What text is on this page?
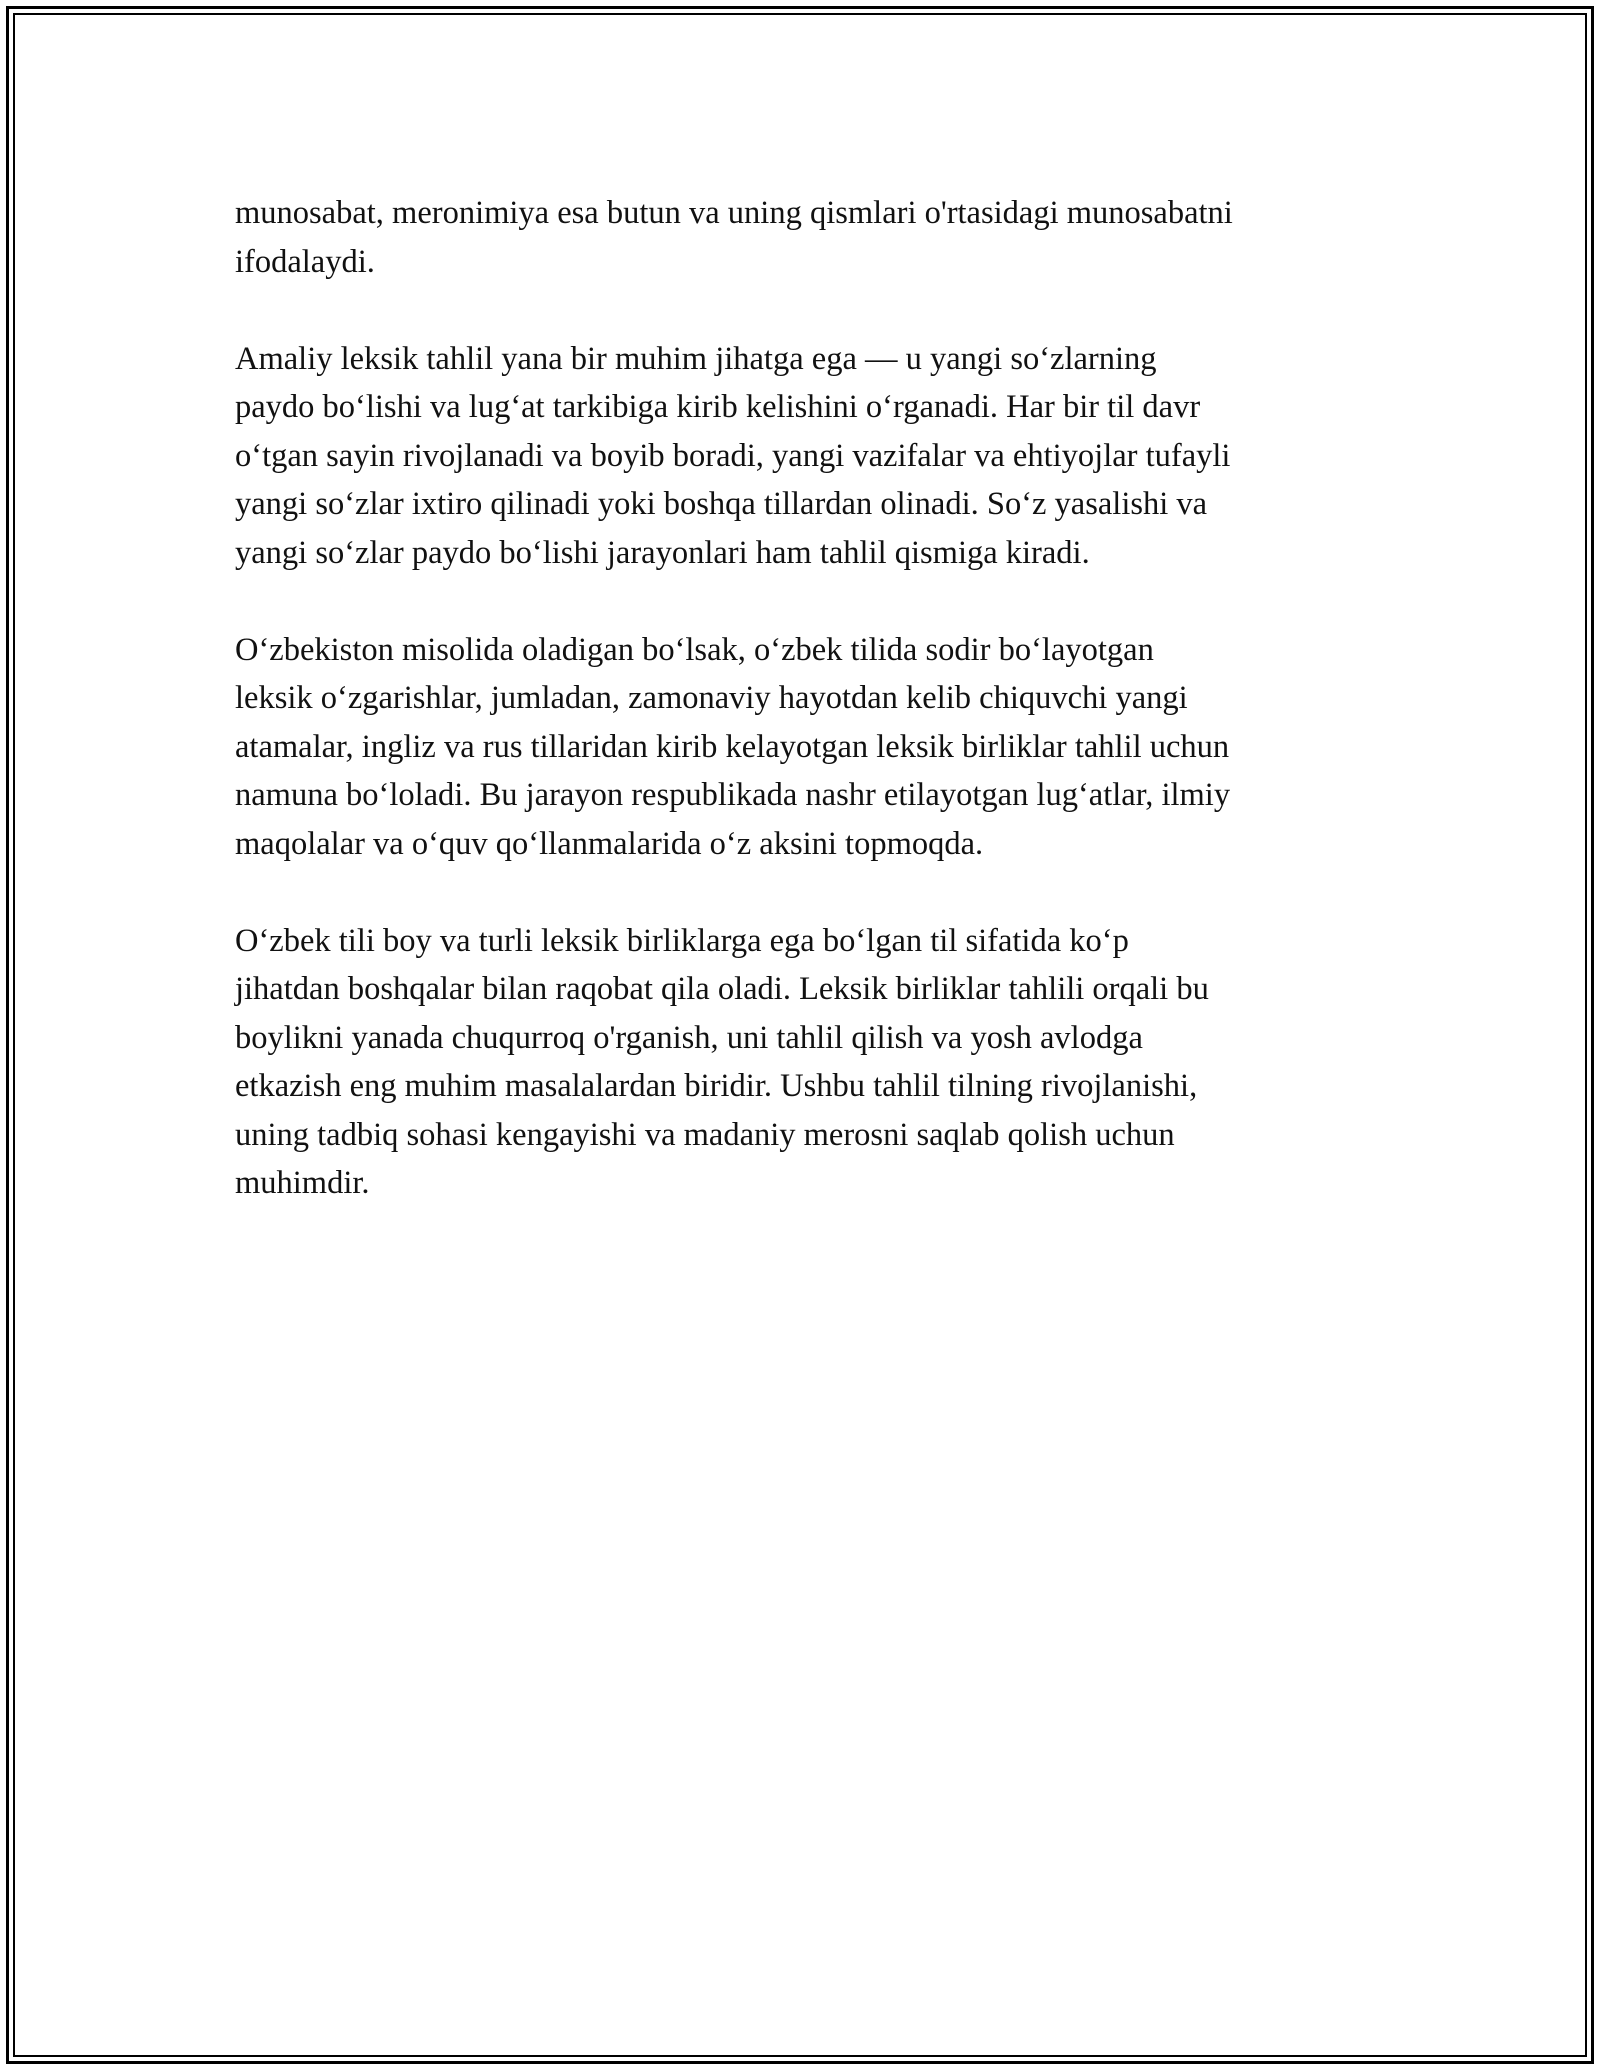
munosabat, meronimiya esa butun va uning qismlari o'rtasidagi munosabatni
ifodalaydi.

Amaliy leksik tahlil yana bir muhim jihatga ega — u yangi so‘zlarning
paydo bo‘lishi va lug‘at tarkibiga kirib kelishini o‘rganadi. Har bir til davr
o‘tgan sayin rivojlanadi va boyib boradi, yangi vazifalar va ehtiyojlar tufayli
yangi so‘zlar ixtiro qilinadi yoki boshqa tillardan olinadi. So‘z yasalishi va
yangi so‘zlar paydo bo‘lishi jarayonlari ham tahlil qismiga kiradi.

O‘zbekiston misolida oladigan bo‘lsak, o‘zbek tilida sodir bo‘layotgan
leksik o‘zgarishlar, jumladan, zamonaviy hayotdan kelib chiquvchi yangi
atamalar, ingliz va rus tillaridan kirib kelayotgan leksik birliklar tahlil uchun
namuna bo‘loladi. Bu jarayon respublikada nashr etilayotgan lug‘atlar, ilmiy
maqolalar va o‘quv qo‘llanmalarida o‘z aksini topmoqda.

O‘zbek tili boy va turli leksik birliklarga ega bo‘lgan til sifatida ko‘p
jihatdan boshqalar bilan raqobat qila oladi. Leksik birliklar tahlili orqali bu
boylikni yanada chuqurroq o'rganish, uni tahlil qilish va yosh avlodga
etkazish eng muhim masalalardan biridir. Ushbu tahlil tilning rivojlanishi,
uning tadbiq sohasi kengayishi va madaniy merosni saqlab qolish uchun
muhimdir.
